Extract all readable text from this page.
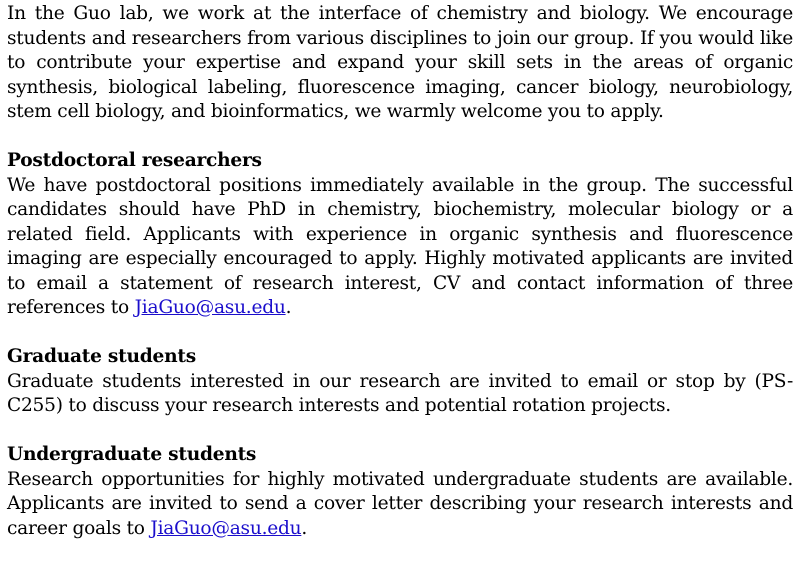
In the Guo lab, we work at the interface of chemistry and biology. We encourage students and researchers from various disciplines to join our group. If you would like to contribute your expertise and expand your skill sets in the areas of organic synthesis, biological labeling, fluorescence imaging, cancer biology, neurobiology, stem cell biology, and bioinformatics, we warmly welcome you to apply.

Postdoctoral researchers

We have postdoctoral positions immediately available in the group. The successful candidates should have PhD in chemistry, biochemistry, molecular biology or a related field. Applicants with experience in organic synthesis and fluorescence imaging are especially encouraged to apply. Highly motivated applicants are invited to email a statement of research interest, CV and contact information of three references to JiaGuo@asu.edu.

Graduate students

Graduate students interested in our research are invited to email or stop by (PS-C255) to discuss your research interests and potential rotation projects.

Undergraduate students

Research opportunities for highly motivated undergraduate students are available. Applicants are invited to send a cover letter describing your research interests and career goals to JiaGuo@asu.edu.
